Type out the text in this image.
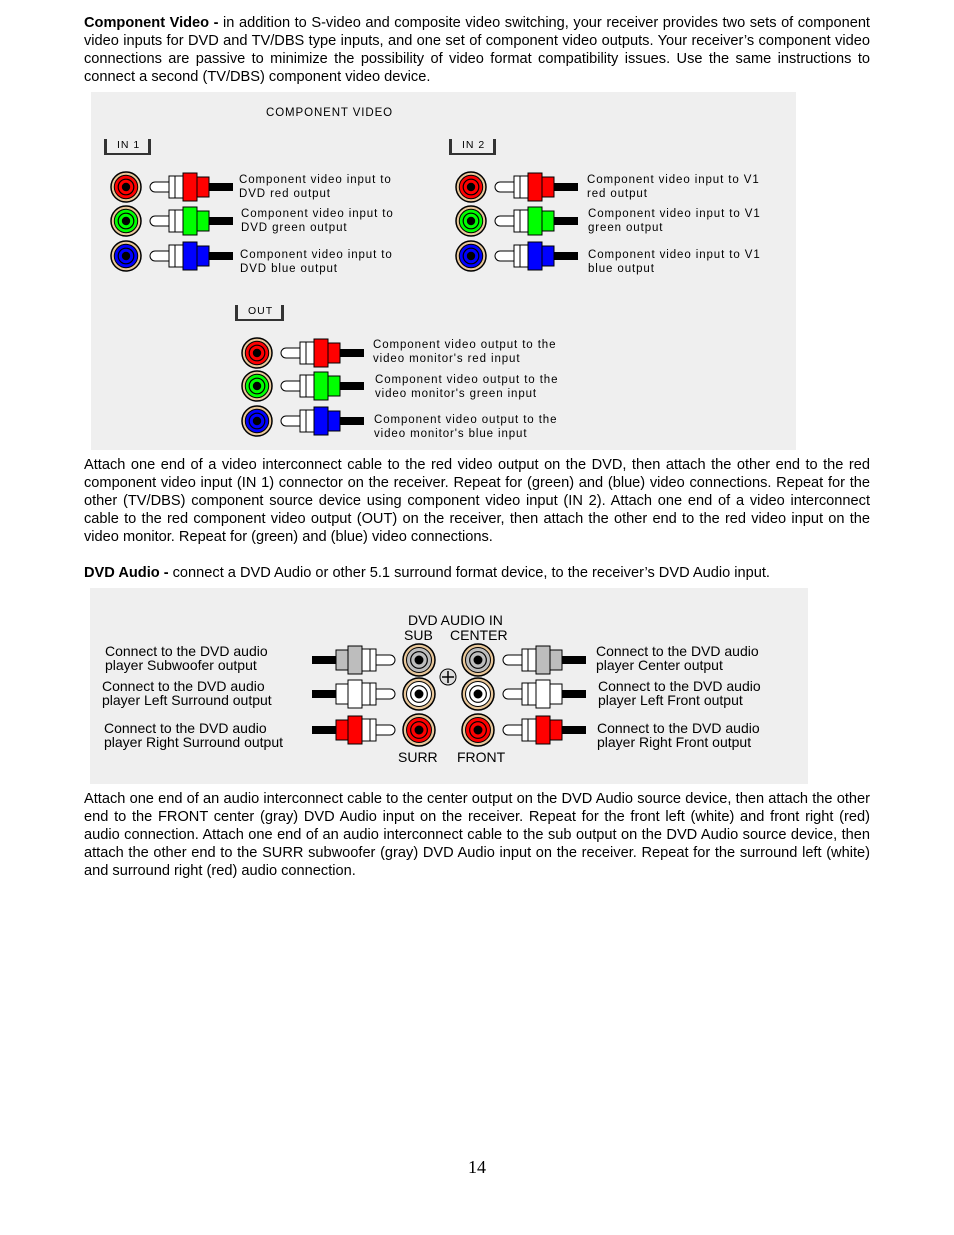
Component Video - in addition to S-video and composite video switching, your receiver provides two sets of component video inputs for DVD and TV/DBS type inputs, and one set of component video outputs. Your receiver’s component video connections are passive to minimize the possibility of video format compatibility issues. Use the same instructions to connect a second (TV/DBS) component video device.

COMPONENT VIDEO
IN 1	IN 2
OUT
Component video input to
DVD red output
Component video input to
DVD green output
Component video input to
DVD blue output
Component video input to V1
red output
Component video input to V1
green output
Component video input to V1
blue output
Component video output to the
video monitor's red input
Component video output to the
video monitor's green input
Component video output to the
video monitor's blue input

Attach one end of a video interconnect cable to the red video output on the DVD, then attach the other end to the red component video input (IN 1) connector on the receiver. Repeat for (green) and (blue) video connections. Repeat for the other (TV/DBS) component source device using component video input (IN 2). Attach one end of a video interconnect cable to the red component video output (OUT) on the receiver, then attach the other end to the red video input on the video monitor. Repeat for (green) and (blue) video connections.

DVD Audio - connect a DVD Audio or other 5.1 surround format device, to the receiver’s DVD Audio input.

DVD AUDIO IN
SUB CENTER
SURR FRONT
Connect to the DVD audio
player Subwoofer output
Connect to the DVD audio
player Left Surround output
Connect to the DVD audio
player Right Surround output
Connect to the DVD audio
player Center output
Connect to the DVD audio
player Left Front output
Connect to the DVD audio
player Right Front output

Attach one end of an audio interconnect cable to the center output on the DVD Audio source device, then attach the other end to the FRONT center (gray) DVD Audio input on the receiver. Repeat for the front left (white) and front right (red) audio connection. Attach one end of an audio interconnect cable to the sub output on the DVD Audio source device, then attach the other end to the SURR subwoofer (gray) DVD Audio input on the receiver. Repeat for the surround left (white) and surround right (red) audio connection.

14
